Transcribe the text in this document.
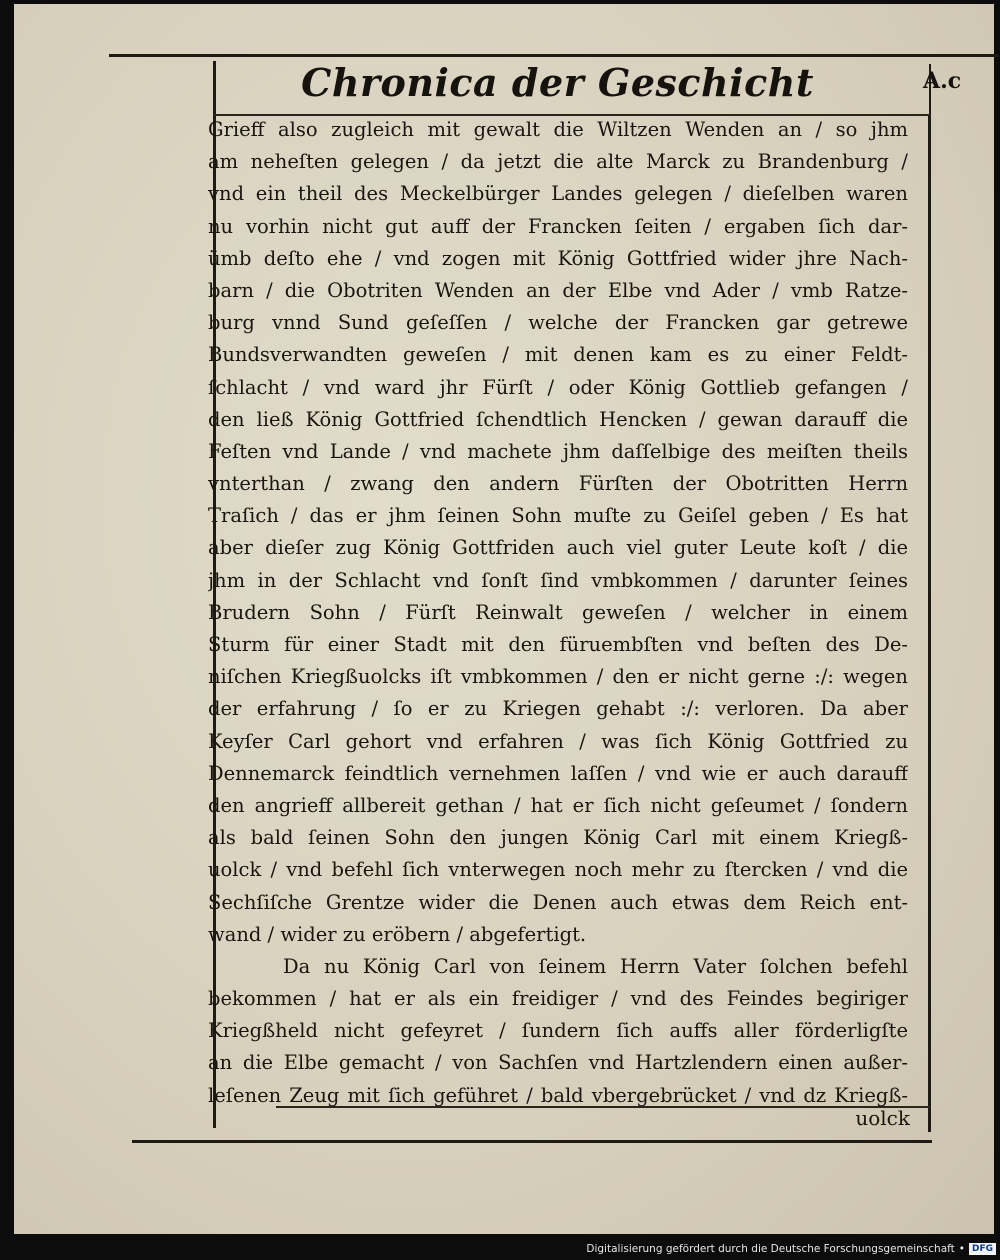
Chronica der Geschicht	A.c
Grieff also zugleich mit gewalt die Wiltzen Wenden an / so jhm
am neheſten gelegen / da jetzt die alte Marck zu Brandenburg /
vnd ein theil des Meckelbürger Landes gelegen / dieſelben waren
nu vorhin nicht gut auff der Francken ſeiten / ergaben ſich dar-
ümb deſto ehe / vnd zogen mit König Gottfried wider jhre Nach-
barn / die Obotriten Wenden an der Elbe vnd Ader / vmb Ratze-
burg vnnd Sund geſeſſen / welche der Francken gar getrewe
Bundsverwandten geweſen / mit denen kam es zu einer Feldt-
ſchlacht / vnd ward jhr Fürſt / oder König Gottlieb gefangen /
den ließ König Gottfried ſchendtlich Hencken / gewan darauff die
Feſten vnd Lande / vnd machete jhm daſſelbige des meiſten theils
vnterthan / zwang den andern Fürſten der Obotritten Herrn
Traſich / das er jhm ſeinen Sohn muſte zu Geiſel geben / Es hat
aber dieſer zug König Gottfriden auch viel guter Leute koſt / die
jhm in der Schlacht vnd ſonſt ſind vmbkommen / darunter ſeines
Brudern Sohn / Fürſt Reinwalt geweſen / welcher in einem
Sturm für einer Stadt mit den füruembſten vnd beſten des De-
niſchen Kriegßuolcks iſt vmbkommen / den er nicht gerne :/: wegen
der erfahrung / ſo er zu Kriegen gehabt :/: verloren. Da aber
Keyſer Carl gehort vnd erfahren / was ſich König Gottfried zu
Dennemarck feindtlich vernehmen laſſen / vnd wie er auch darauff
den angrieff allbereit gethan / hat er ſich nicht geſeumet / ſondern
als bald ſeinen Sohn den jungen König Carl mit einem Kriegß-
uolck / vnd befehl ſich vnterwegen noch mehr zu ſtercken / vnd die
Sechſiſche Grentze wider die Denen auch etwas dem Reich ent-
wand / wider zu eröbern / abgefertigt.
Da nu König Carl von ſeinem Herrn Vater ſolchen befehl
bekommen / hat er als ein freidiger / vnd des Feindes begiriger
Kriegßheld nicht gefeyret / ſundern ſich auffs aller förderligſte
an die Elbe gemacht / von Sachſen vnd Hartzlendern einen außer-
leſenen Zeug mit ſich geführet / bald vbergebrücket / vnd dz Kriegß-
uolck
Digitalisierung gefördert durch die Deutsche Forschungsgemeinschaft • DFG
